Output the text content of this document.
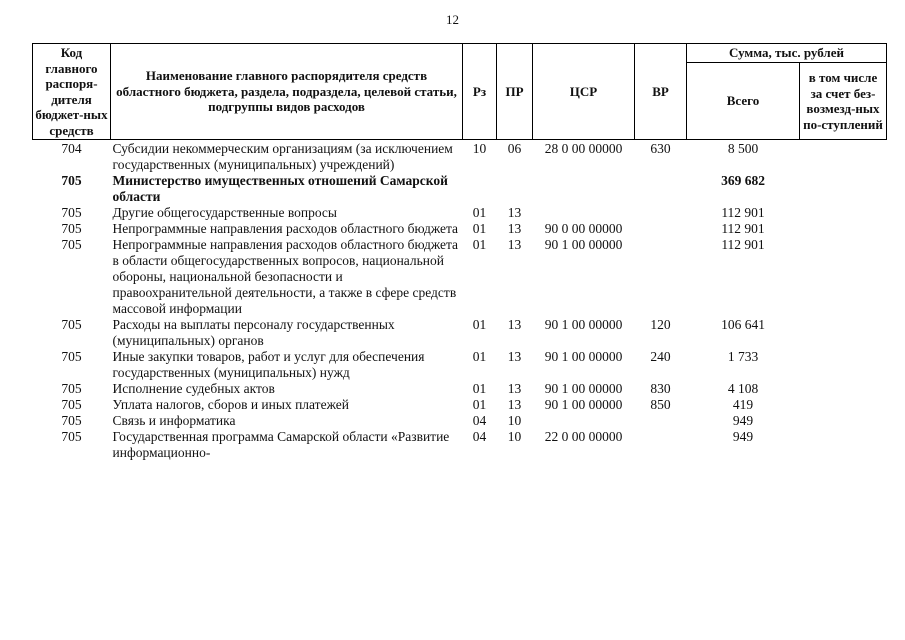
12
Код главного распоря-дителя бюджет-ных средств	Наименование главного распорядителя средств областного бюджета, раздела, подраздела, целевой статьи, подгруппы видов расходов	Рз	ПР	ЦСР	ВР	Сумма, тыс. рублей	
						Всего	в том числе за счет без-возмезд-ных по-ступлений
704	Субсидии некоммерческим организациям (за исключением государственных (муниципальных) учреждений)	10	06	28 0 00 00000	630	8 500	
705	Министерство имущественных отношений Самарской области					369 682	
705	Другие общегосударственные вопросы	01	13			112 901	
705	Непрограммные направления расходов областного бюджета	01	13	90 0 00 00000		112 901	
705	Непрограммные направления расходов областного бюджета в области общегосударственных вопросов, национальной обороны, национальной безопасности и правоохранительной деятельности, а также в сфере средств массовой информации	01	13	90 1 00 00000		112 901	
705	Расходы на выплаты персоналу государственных (муниципальных) органов	01	13	90 1 00 00000	120	106 641	
705	Иные закупки товаров, работ и услуг для обеспечения государственных (муниципальных) нужд	01	13	90 1 00 00000	240	1 733	
705	Исполнение судебных актов	01	13	90 1 00 00000	830	4 108	
705	Уплата налогов, сборов и иных платежей	01	13	90 1 00 00000	850	419	
705	Связь и информатика	04	10			949	
705	Государственная программа Самарской области «Развитие информационно-	04	10	22 0 00 00000		949	
